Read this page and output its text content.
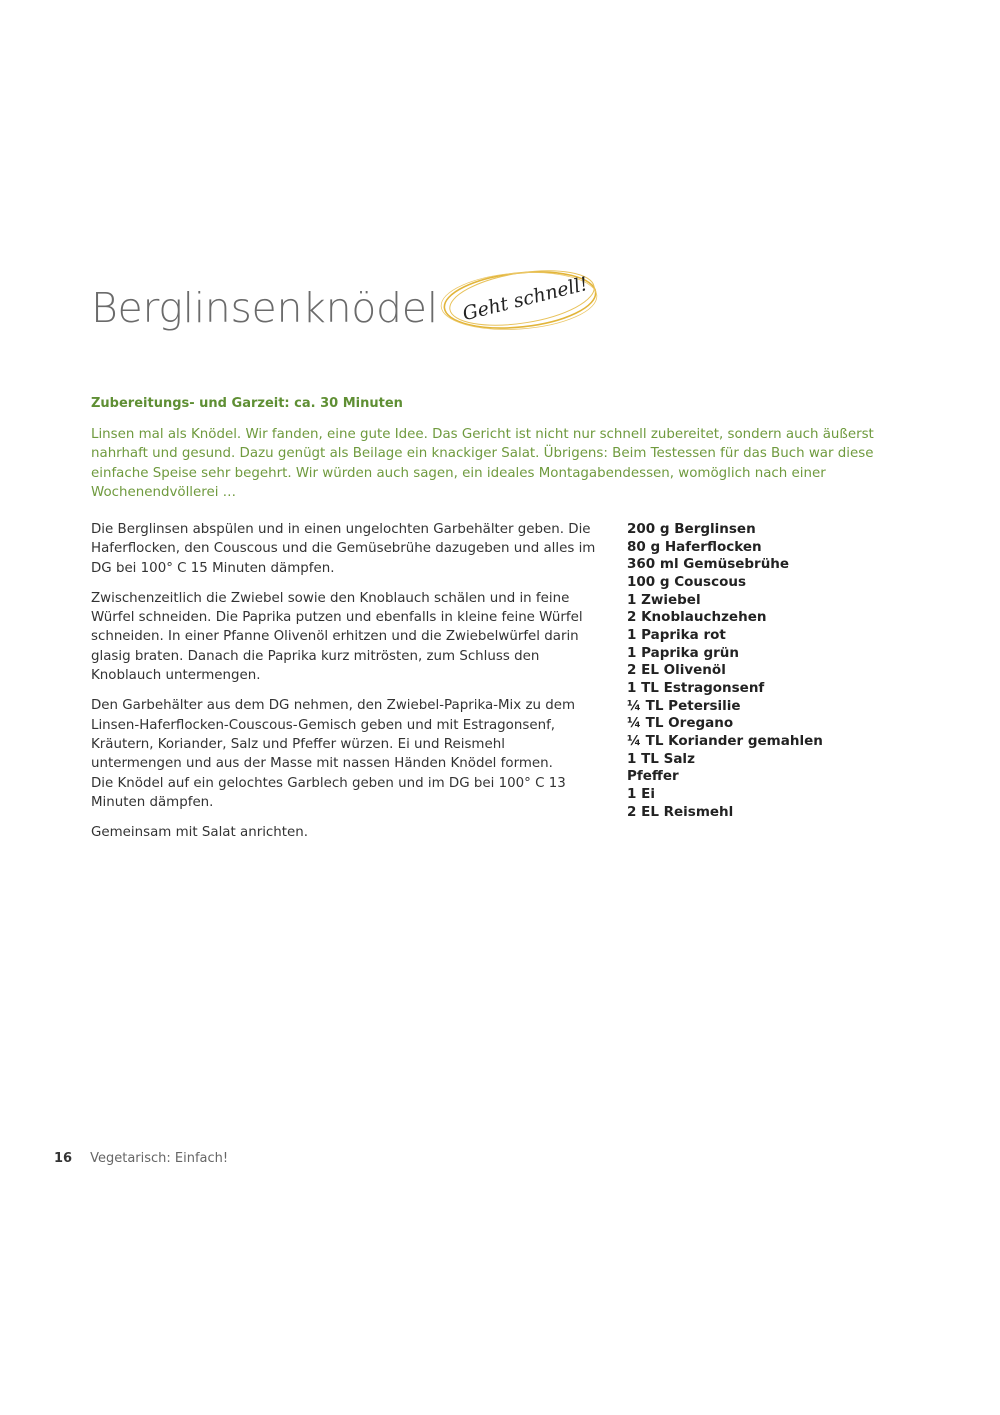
Berglinsenknödel Geht schnell!
Zubereitungs- und Garzeit: ca. 30 Minuten

Linsen mal als Knödel. Wir fanden, eine gute Idee. Das Gericht ist nicht nur schnell zubereitet, sondern auch äußerst nahrhaft und gesund. Dazu genügt als Beilage ein knackiger Salat. Übrigens: Beim Testessen für das Buch war diese einfache Speise sehr begehrt. Wir würden auch sagen, ein ideales Montagabendessen, womöglich nach einer Wochenendvöllerei …

Die Berglinsen abspülen und in einen ungelochten Garbehälter geben. Die Haferflocken, den Couscous und die Gemüsebrühe dazugeben und alles im DG bei 100° C 15 Minuten dämpfen.

Zwischenzeitlich die Zwiebel sowie den Knoblauch schälen und in feine Würfel schneiden. Die Paprika putzen und ebenfalls in kleine feine Würfel schneiden. In einer Pfanne Olivenöl erhitzen und die Zwiebelwürfel darin glasig braten. Danach die Paprika kurz mitrösten, zum Schluss den Knoblauch untermengen.

Den Garbehälter aus dem DG nehmen, den Zwiebel-Paprika-Mix zu dem Linsen-Haferflocken-Couscous-Gemisch geben und mit Estragonsenf, Kräutern, Koriander, Salz und Pfeffer würzen. Ei und Reismehl untermengen und aus der Masse mit nassen Händen Knödel formen.

Die Knödel auf ein gelochtes Garblech geben und im DG bei 100° C 13 Minuten dämpfen.

Gemeinsam mit Salat anrichten.

200 g Berglinsen
80 g Haferflocken
360 ml Gemüsebrühe
100 g Couscous
1 Zwiebel
2 Knoblauchzehen
1 Paprika rot
1 Paprika grün
2 EL Olivenöl
1 TL Estragonsenf
¼ TL Petersilie
¼ TL Oregano
¼ TL Koriander gemahlen
1 TL Salz
Pfeffer
1 Ei
2 EL Reismehl
16 Vegetarisch: Einfach!
